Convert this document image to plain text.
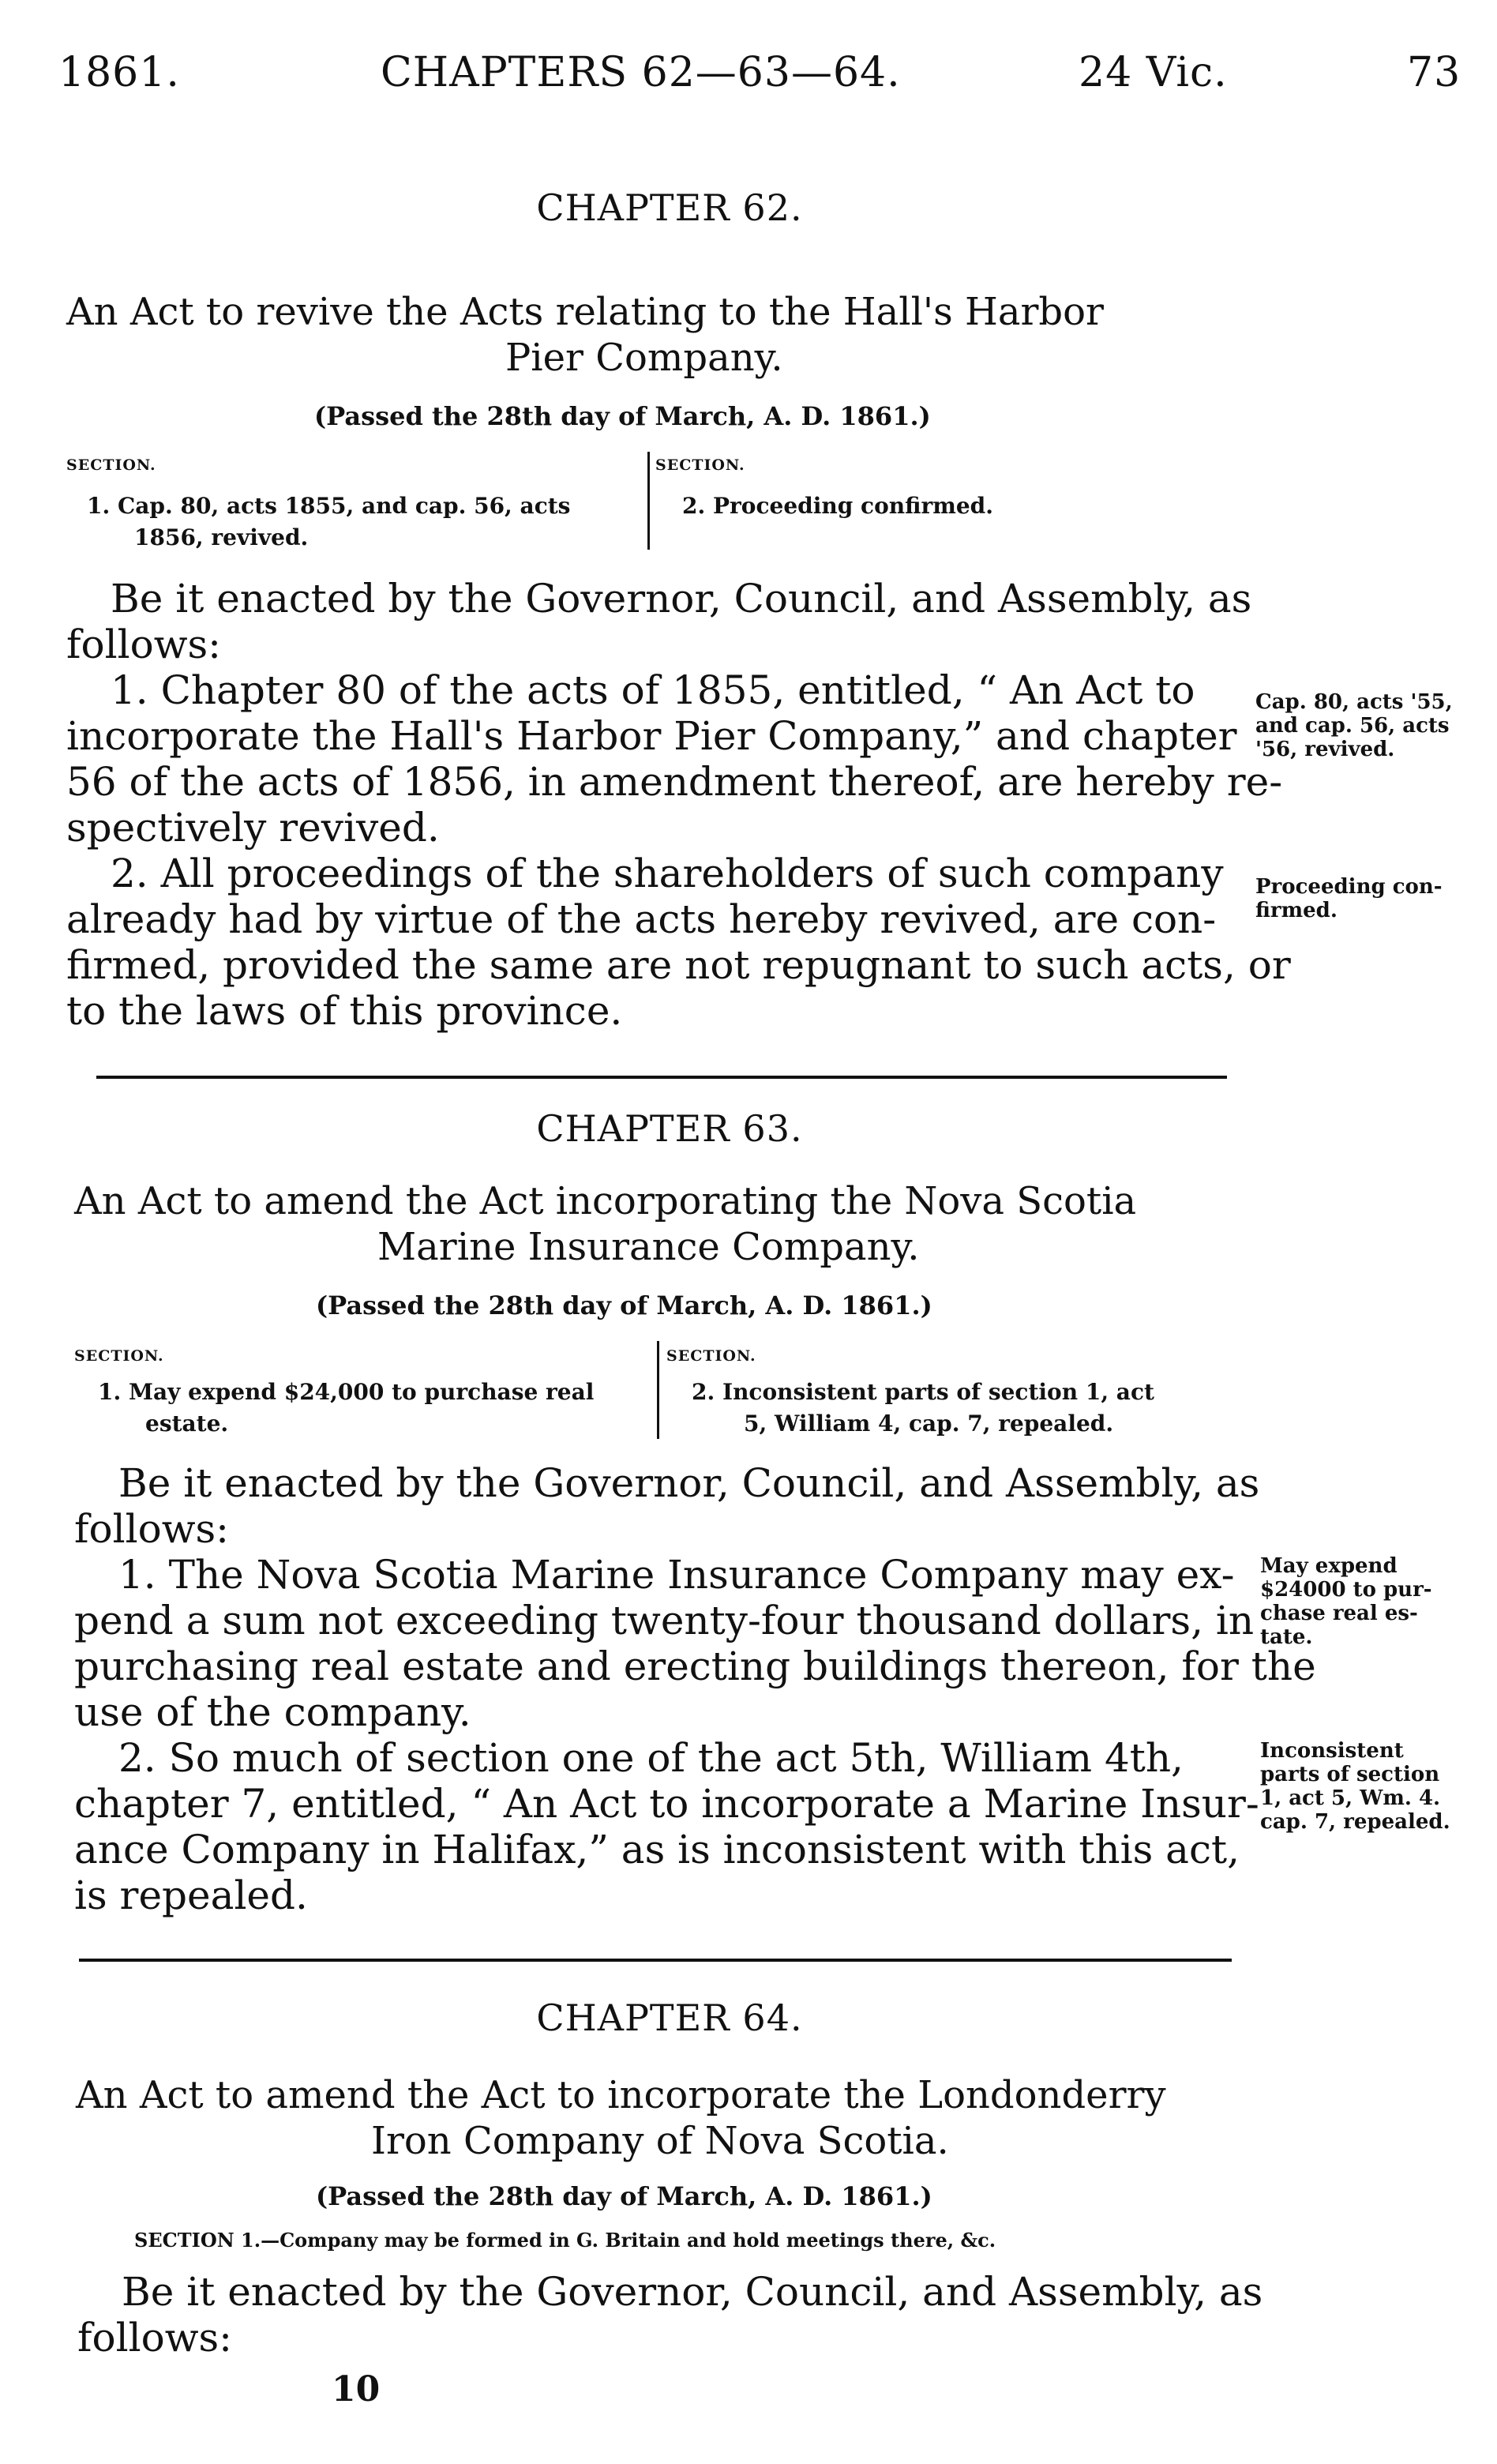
1861.	CHAPTERS 62—63—64.	24 Vic.	73
CHAPTER 62.
An Act to revive the Acts relating to the Hall's Harbor
Pier Company.
(Passed the 28th day of March, A. D. 1861.)
SECTION.
1. Cap. 80, acts 1855, and cap. 56, acts
1856, revived.
SECTION.
2. Proceeding confirmed.
Be it enacted by the Governor, Council, and Assembly, as
follows:
1. Chapter 80 of the acts of 1855, entitled, “ An Act to
incorporate the Hall's Harbor Pier Company,” and chapter
56 of the acts of 1856, in amendment thereof, are hereby re-
spectively revived.
2. All proceedings of the shareholders of such company
already had by virtue of the acts hereby revived, are con-
firmed, provided the same are not repugnant to such acts, or
to the laws of this province.
Cap. 80, acts '55,
and cap. 56, acts
'56, revived.
Proceeding con-
firmed.
CHAPTER 63.
An Act to amend the Act incorporating the Nova Scotia
Marine Insurance Company.
(Passed the 28th day of March, A. D. 1861.)
SECTION.
1. May expend $24,000 to purchase real
estate.
SECTION.
2. Inconsistent parts of section 1, act
5, William 4, cap. 7, repealed.
Be it enacted by the Governor, Council, and Assembly, as
follows:
1. The Nova Scotia Marine Insurance Company may ex-
pend a sum not exceeding twenty-four thousand dollars, in
purchasing real estate and erecting buildings thereon, for the
use of the company.
2. So much of section one of the act 5th, William 4th,
chapter 7, entitled, “ An Act to incorporate a Marine Insur-
ance Company in Halifax,” as is inconsistent with this act,
is repealed.
May expend
$24000 to pur-
chase real es-
tate.
Inconsistent
parts of section
1, act 5, Wm. 4.
cap. 7, repealed.
CHAPTER 64.
An Act to amend the Act to incorporate the Londonderry
Iron Company of Nova Scotia.
(Passed the 28th day of March, A. D. 1861.)
SECTION 1.—Company may be formed in G. Britain and hold meetings there, &c.
Be it enacted by the Governor, Council, and Assembly, as
follows:
10
